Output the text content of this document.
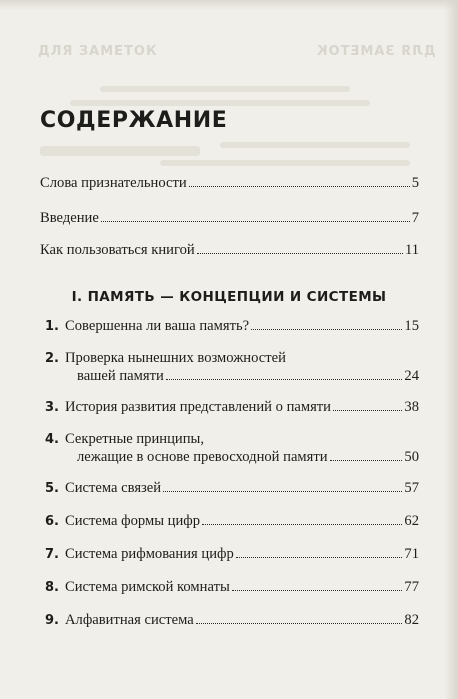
ДЛЯ ЗАМЕТОК	ДЛЯ ЗАМЕТОК
СОДЕРЖАНИЕ
Слова признательности	5
Введение	7
Как пользоваться книгой	11
I. ПАМЯТЬ — КОНЦЕПЦИИ И СИСТЕМЫ
1. Совершенна ли ваша память?	15
2. Проверка нынешних возможностей
вашей памяти	24
3. История развития представлений о памяти	38
4. Секретные принципы,
лежащие в основе превосходной памяти	50
5. Система связей	57
6. Система формы цифр	62
7. Система рифмования цифр	71
8. Система римской комнаты	77
9. Алфавитная система	82
